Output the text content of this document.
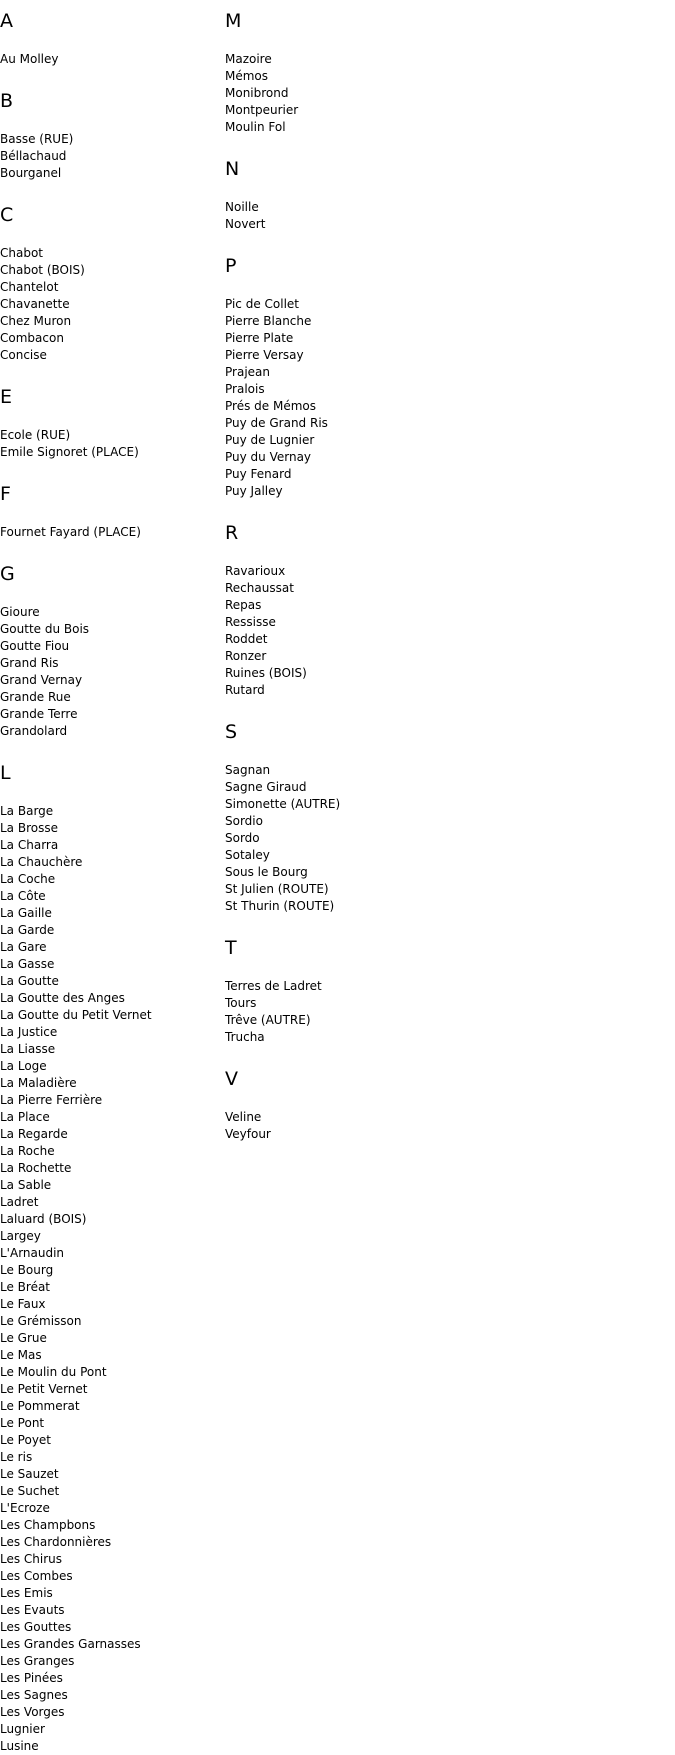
A
Au Molley
B
Basse (RUE)
Béllachaud
Bourganel
C
Chabot
Chabot (BOIS)
Chantelot
Chavanette
Chez Muron
Combacon
Concise
E
Ecole (RUE)
Emile Signoret (PLACE)
F
Fournet Fayard (PLACE)
G
Gioure
Goutte du Bois
Goutte Fiou
Grand Ris
Grand Vernay
Grande Rue
Grande Terre
Grandolard
L
La Barge
La Brosse
La Charra
La Chauchère
La Coche
La Côte
La Gaille
La Garde
La Gare
La Gasse
La Goutte
La Goutte des Anges
La Goutte du Petit Vernet
La Justice
La Liasse
La Loge
La Maladière
La Pierre Ferrière
La Place
La Regarde
La Roche
La Rochette
La Sable
Ladret
Laluard (BOIS)
Largey
L'Arnaudin
Le Bourg
Le Bréat
Le Faux
Le Grémisson
Le Grue
Le Mas
Le Moulin du Pont
Le Petit Vernet
Le Pommerat
Le Pont
Le Poyet
Le ris
Le Sauzet
Le Suchet
L'Ecroze
Les Champbons
Les Chardonnières
Les Chirus
Les Combes
Les Emis
Les Evauts
Les Gouttes
Les Grandes Garnasses
Les Granges
Les Pinées
Les Sagnes
Les Vorges
Lugnier
Lusine
M
Mazoire
Mémos
Monibrond
Montpeurier
Moulin Fol
N
Noille
Novert
P
Pic de Collet
Pierre Blanche
Pierre Plate
Pierre Versay
Prajean
Pralois
Prés de Mémos
Puy de Grand Ris
Puy de Lugnier
Puy du Vernay
Puy Fenard
Puy Jalley
R
Ravarioux
Rechaussat
Repas
Ressisse
Roddet
Ronzer
Ruines (BOIS)
Rutard
S
Sagnan
Sagne Giraud
Simonette (AUTRE)
Sordio
Sordo
Sotaley
Sous le Bourg
St Julien (ROUTE)
St Thurin (ROUTE)
T
Terres de Ladret
Tours
Trêve (AUTRE)
Trucha
V
Veline
Veyfour
